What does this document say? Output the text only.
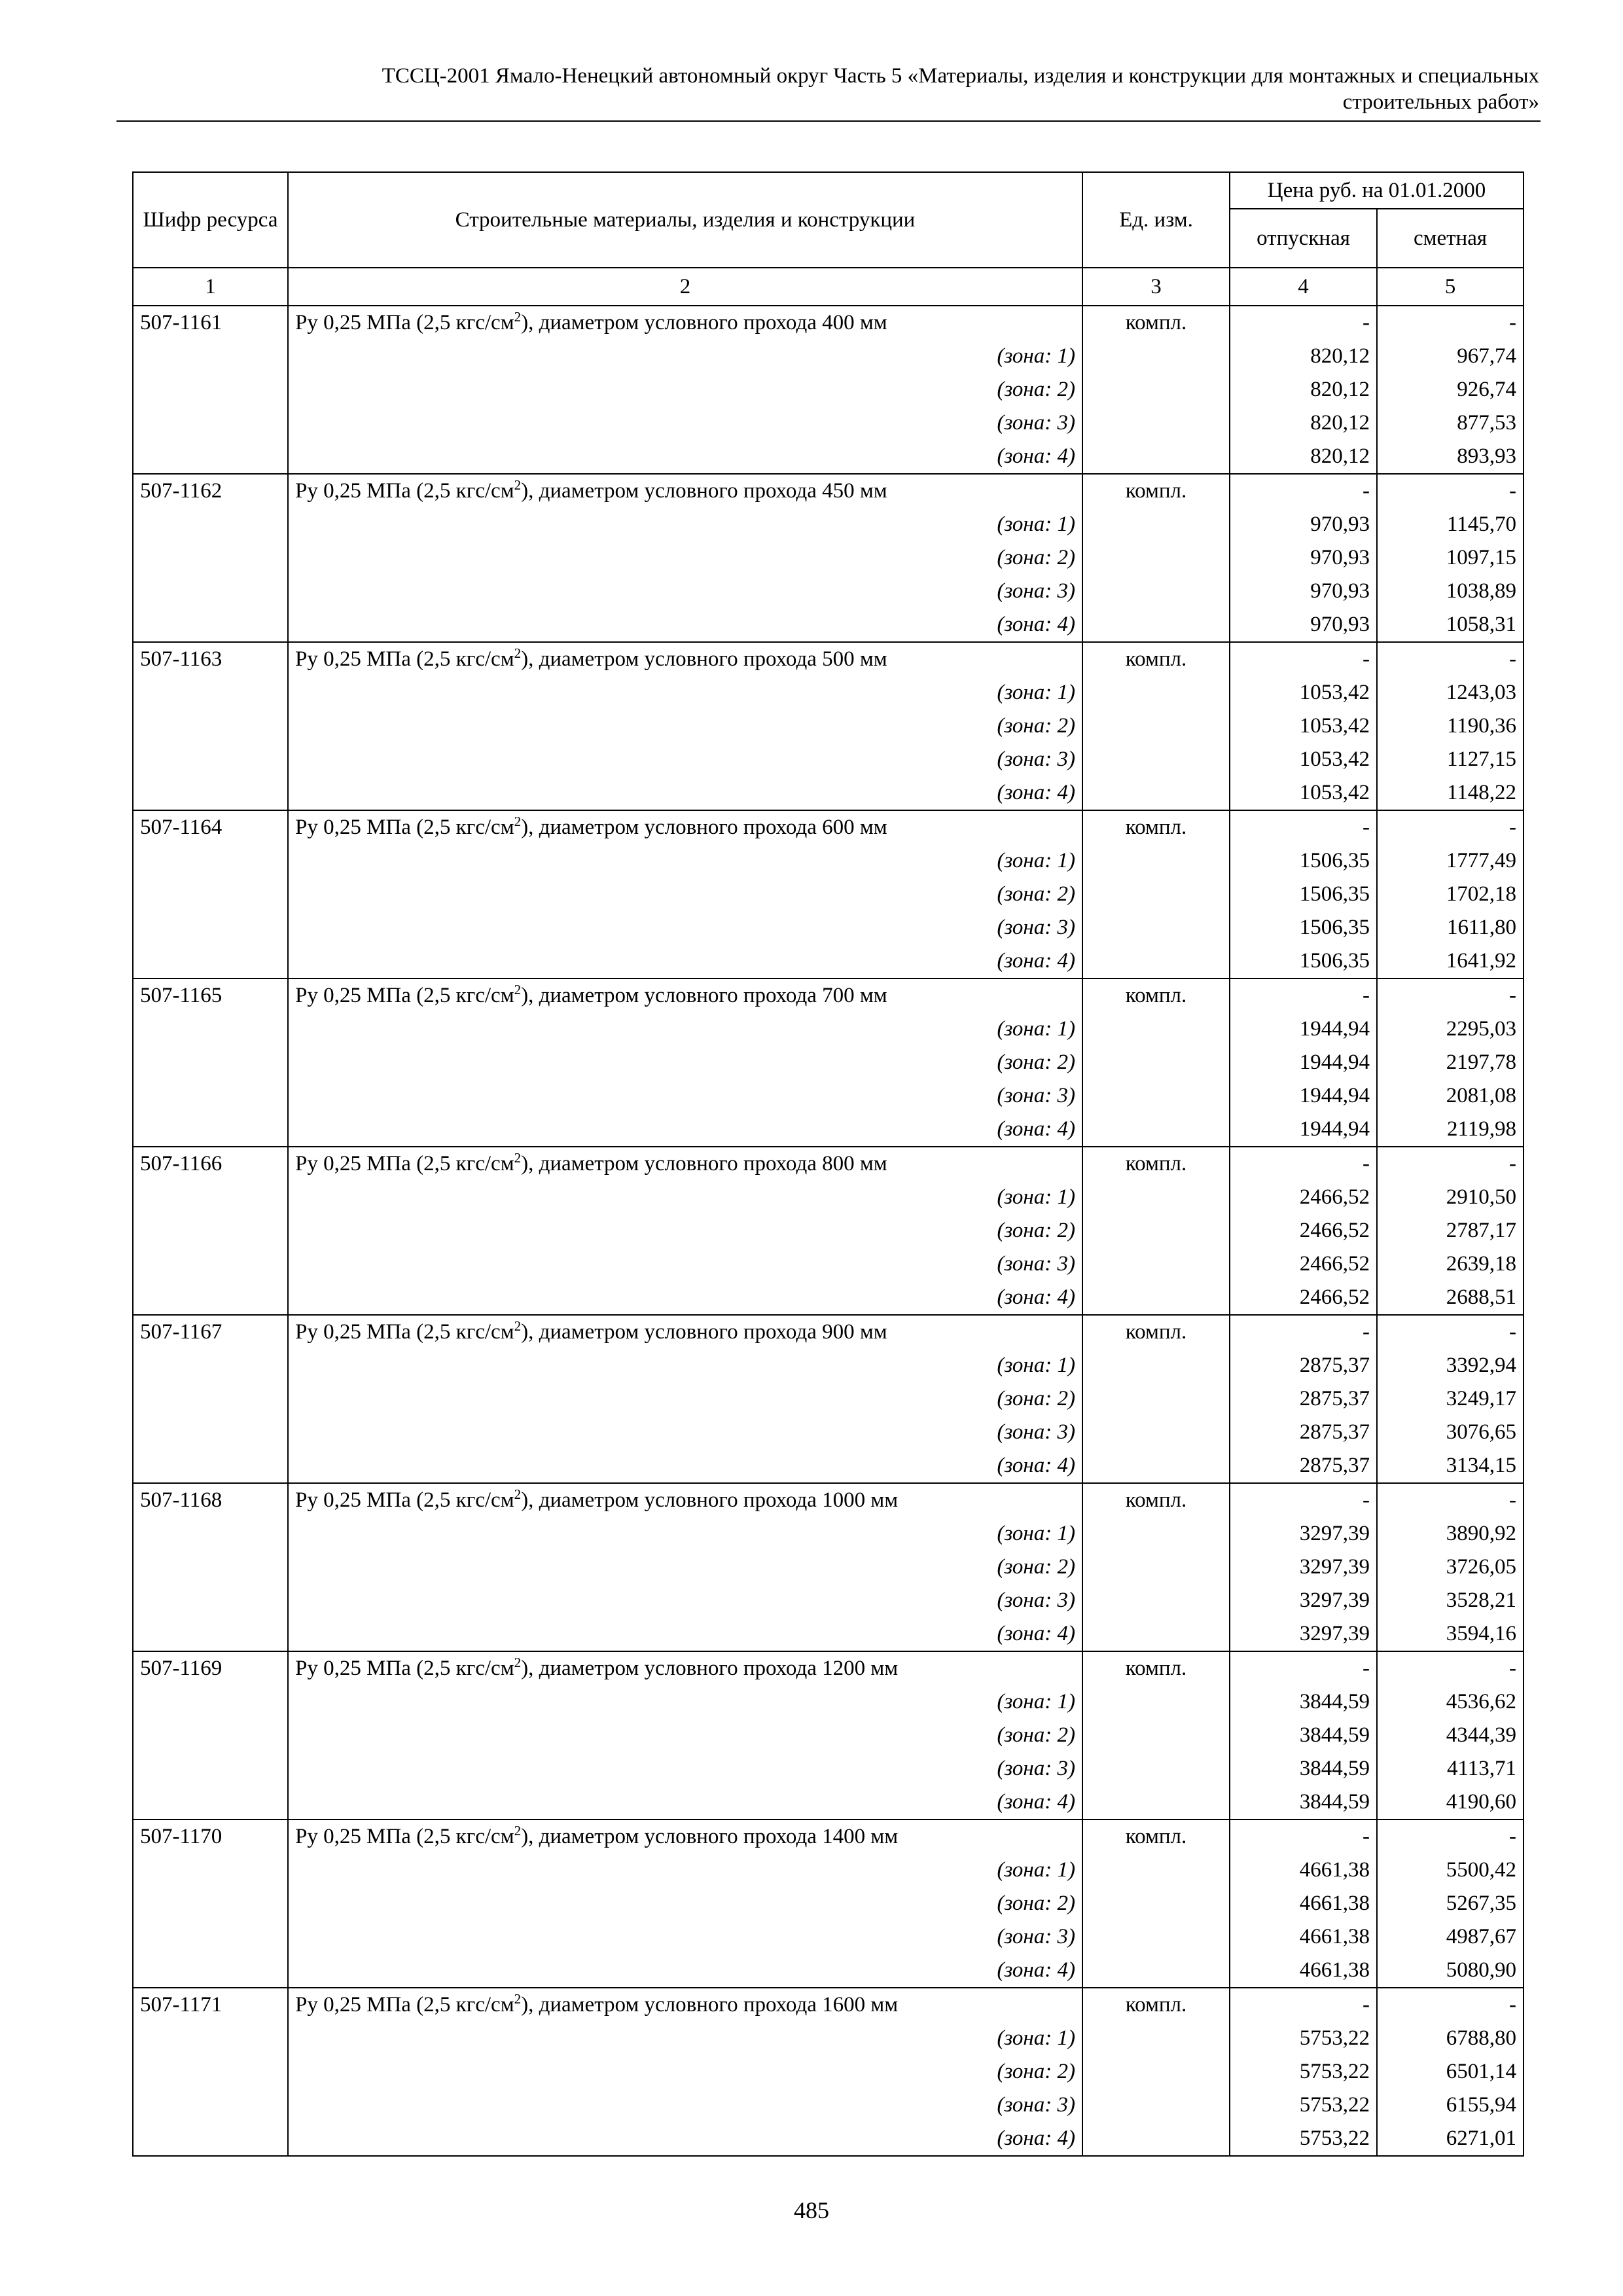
ТССЦ-2001 Ямало-Ненецкий автономный округ Часть 5 «Материалы, изделия и конструкции для монтажных и специальных
строительных работ»
Шифр ресурса	Строительные материалы, изделия и конструкции	Ед. изм.	Цена руб. на 01.01.2000	
			отпускная	сметная
1	2	3	4	5
507-1161	Ру 0,25 МПа (2,5 кгс/$см^2$), диаметром условного прохода 400 мм	компл.	-	-
	(зона: 1)		820,12	967,74
	(зона: 2)		820,12	926,74
	(зона: 3)		820,12	877,53
	(зона: 4)		820,12	893,93
507-1162	Ру 0,25 МПа (2,5 кгс/$см^2$), диаметром условного прохода 450 мм	компл.	-	-
	(зона: 1)		970,93	1145,70
	(зона: 2)		970,93	1097,15
	(зона: 3)		970,93	1038,89
	(зона: 4)		970,93	1058,31
507-1163	Ру 0,25 МПа (2,5 кгс/$см^2$), диаметром условного прохода 500 мм	компл.	-	-
	(зона: 1)		1053,42	1243,03
	(зона: 2)		1053,42	1190,36
	(зона: 3)		1053,42	1127,15
	(зона: 4)		1053,42	1148,22
507-1164	Ру 0,25 МПа (2,5 кгс/$см^2$), диаметром условного прохода 600 мм	компл.	-	-
	(зона: 1)		1506,35	1777,49
	(зона: 2)		1506,35	1702,18
	(зона: 3)		1506,35	1611,80
	(зона: 4)		1506,35	1641,92
507-1165	Ру 0,25 МПа (2,5 кгс/$см^2$), диаметром условного прохода 700 мм	компл.	-	-
	(зона: 1)		1944,94	2295,03
	(зона: 2)		1944,94	2197,78
	(зона: 3)		1944,94	2081,08
	(зона: 4)		1944,94	2119,98
507-1166	Ру 0,25 МПа (2,5 кгс/$см^2$), диаметром условного прохода 800 мм	компл.	-	-
	(зона: 1)		2466,52	2910,50
	(зона: 2)		2466,52	2787,17
	(зона: 3)		2466,52	2639,18
	(зона: 4)		2466,52	2688,51
507-1167	Ру 0,25 МПа (2,5 кгс/$см^2$), диаметром условного прохода 900 мм	компл.	-	-
	(зона: 1)		2875,37	3392,94
	(зона: 2)		2875,37	3249,17
	(зона: 3)		2875,37	3076,65
	(зона: 4)		2875,37	3134,15
507-1168	Ру 0,25 МПа (2,5 кгс/$см^2$), диаметром условного прохода 1000 мм	компл.	-	-
	(зона: 1)		3297,39	3890,92
	(зона: 2)		3297,39	3726,05
	(зона: 3)		3297,39	3528,21
	(зона: 4)		3297,39	3594,16
507-1169	Ру 0,25 МПа (2,5 кгс/$см^2$), диаметром условного прохода 1200 мм	компл.	-	-
	(зона: 1)		3844,59	4536,62
	(зона: 2)		3844,59	4344,39
	(зона: 3)		3844,59	4113,71
	(зона: 4)		3844,59	4190,60
507-1170	Ру 0,25 МПа (2,5 кгс/$см^2$), диаметром условного прохода 1400 мм	компл.	-	-
	(зона: 1)		4661,38	5500,42
	(зона: 2)		4661,38	5267,35
	(зона: 3)		4661,38	4987,67
	(зона: 4)		4661,38	5080,90
507-1171	Ру 0,25 МПа (2,5 кгс/$см^2$), диаметром условного прохода 1600 мм	компл.	-	-
	(зона: 1)		5753,22	6788,80
	(зона: 2)		5753,22	6501,14
	(зона: 3)		5753,22	6155,94
	(зона: 4)		5753,22	6271,01
485
